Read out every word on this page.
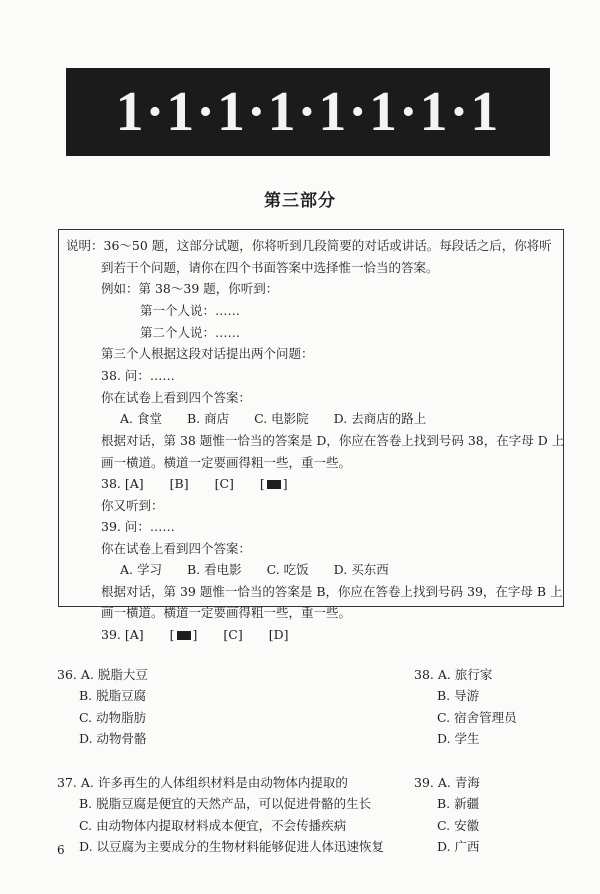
1·1·1·1·1·1·1·1
第三部分
说明：36～50 题，这部分试题，你将听到几段简要的对话或讲话。每段话之后，你将听
到若干个问题，请你在四个书面答案中选择惟一恰当的答案。
例如：第 38～39 题，你听到：
第一个人说：……
第二个人说：……
第三个人根据这段对话提出两个问题：
38. 问：……
你在试卷上看到四个答案：
A. 食堂　　B. 商店　　C. 电影院　　D. 去商店的路上
根据对话，第 38 题惟一恰当的答案是 D，你应在答卷上找到号码 38，在字母 D 上
画一横道。横道一定要画得粗一些，重一些。
38. [A] [B] [C] [ ]
你又听到：
39. 问：……
你在试卷上看到四个答案：
A. 学习　　B. 看电影　　C. 吃饭　　D. 买东西
根据对话，第 39 题惟一恰当的答案是 B，你应在答卷上找到号码 39，在字母 B 上
画一横道。横道一定要画得粗一些，重一些。
39. [A] [ ] [C] [D]
36. A. 脱脂大豆
B. 脱脂豆腐
C. 动物脂肪
D. 动物骨骼
38. A. 旅行家
B. 导游
C. 宿舍管理员
D. 学生
37. A. 许多再生的人体组织材料是由动物体内提取的
B. 脱脂豆腐是便宜的天然产品，可以促进骨骼的生长
C. 由动物体内提取材料成本便宜，不会传播疾病
D. 以豆腐为主要成分的生物材料能够促进人体迅速恢复
39. A. 青海
B. 新疆
C. 安徽
D. 广西
6
